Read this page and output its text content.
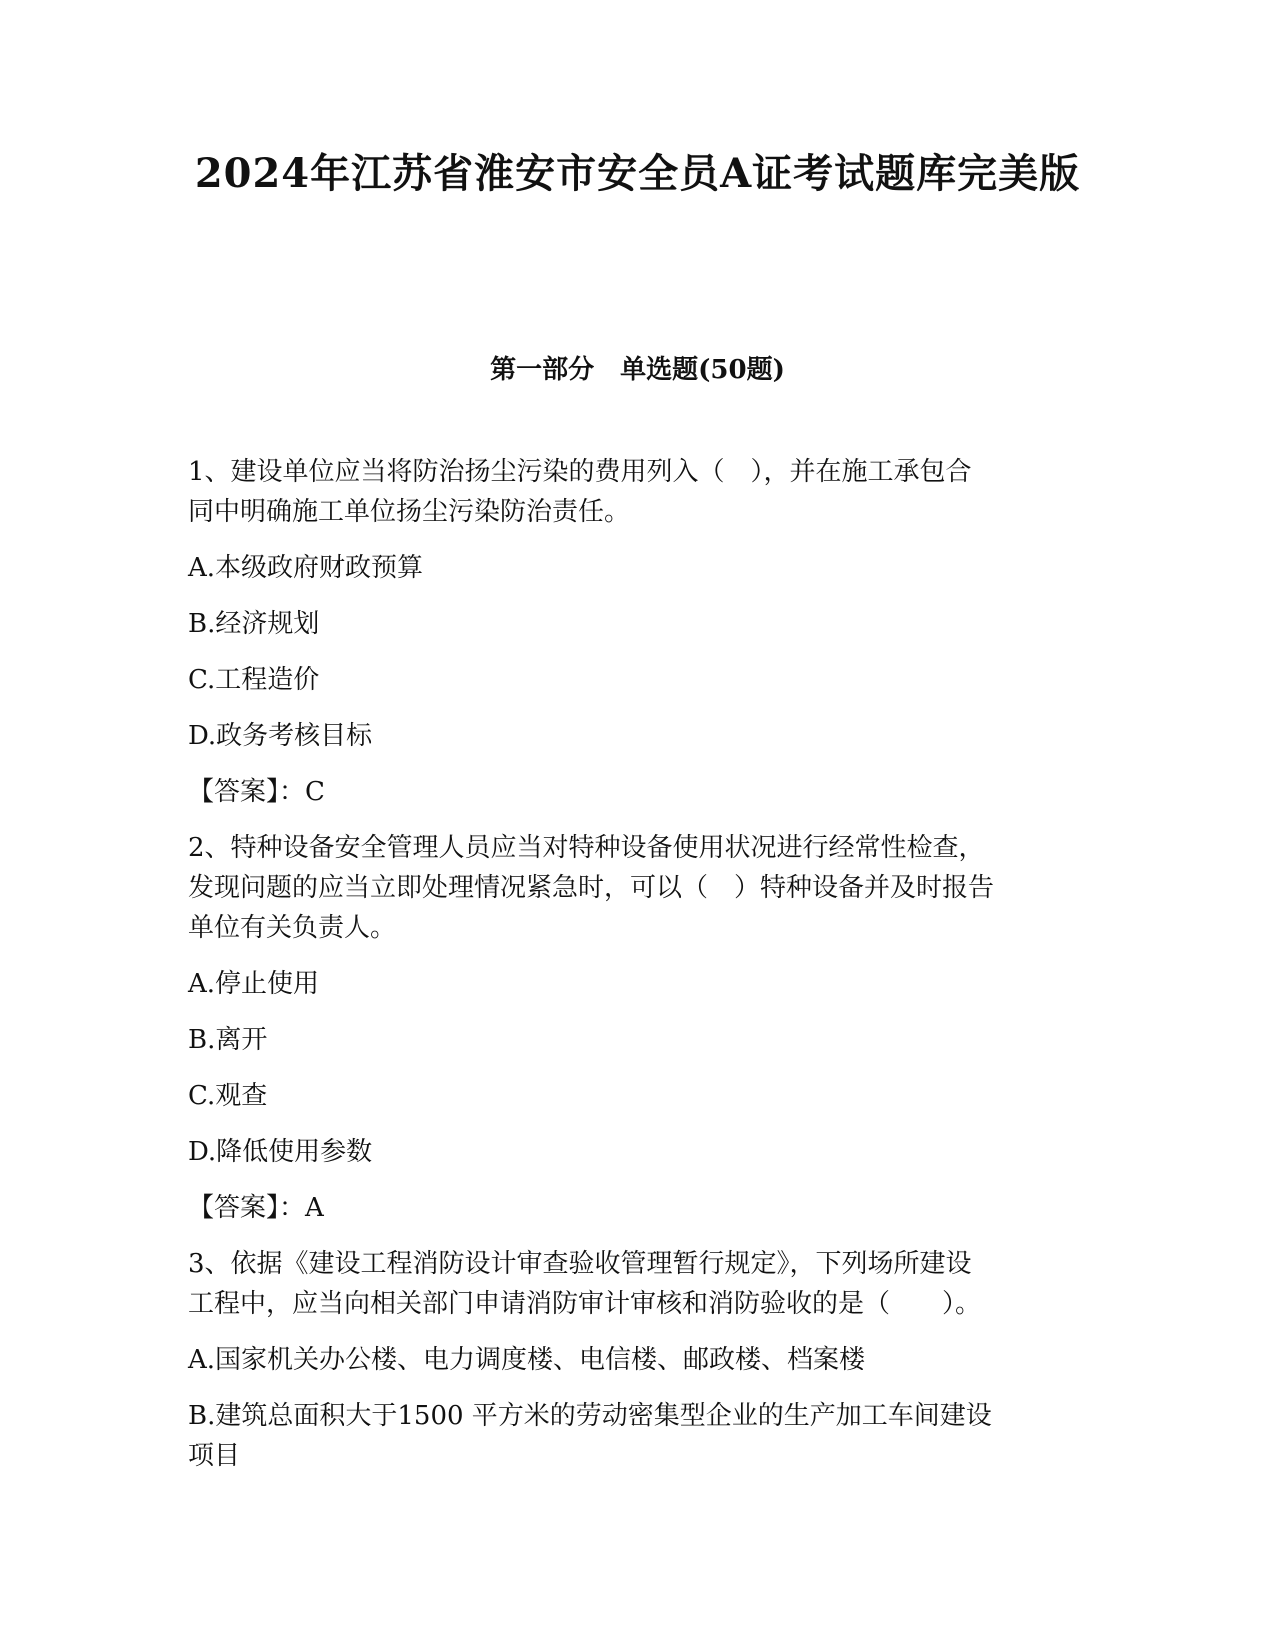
2024年江苏省淮安市安全员A证考试题库完美版
第一部分　单选题(50题)

1、建设单位应当将防治扬尘污染的费用列入（　），并在施工承包合

同中明确施工单位扬尘污染防治责任。

A.本级政府财政预算

B.经济规划

C.工程造价

D.政务考核目标

【答案】：C

2、特种设备安全管理人员应当对特种设备使用状况进行经常性检查，

发现问题的应当立即处理情况紧急时，可以（　）特种设备并及时报告

单位有关负责人。

A.停止使用

B.离开

C.观查

D.降低使用参数

【答案】：A

3、依据《建设工程消防设计审查验收管理暂行规定》，下列场所建设

工程中，应当向相关部门申请消防审计审核和消防验收的是（　　）。

A.国家机关办公楼、电力调度楼、电信楼、邮政楼、档案楼

B.建筑总面积大于1500 平方米的劳动密集型企业的生产加工车间建设

项目
